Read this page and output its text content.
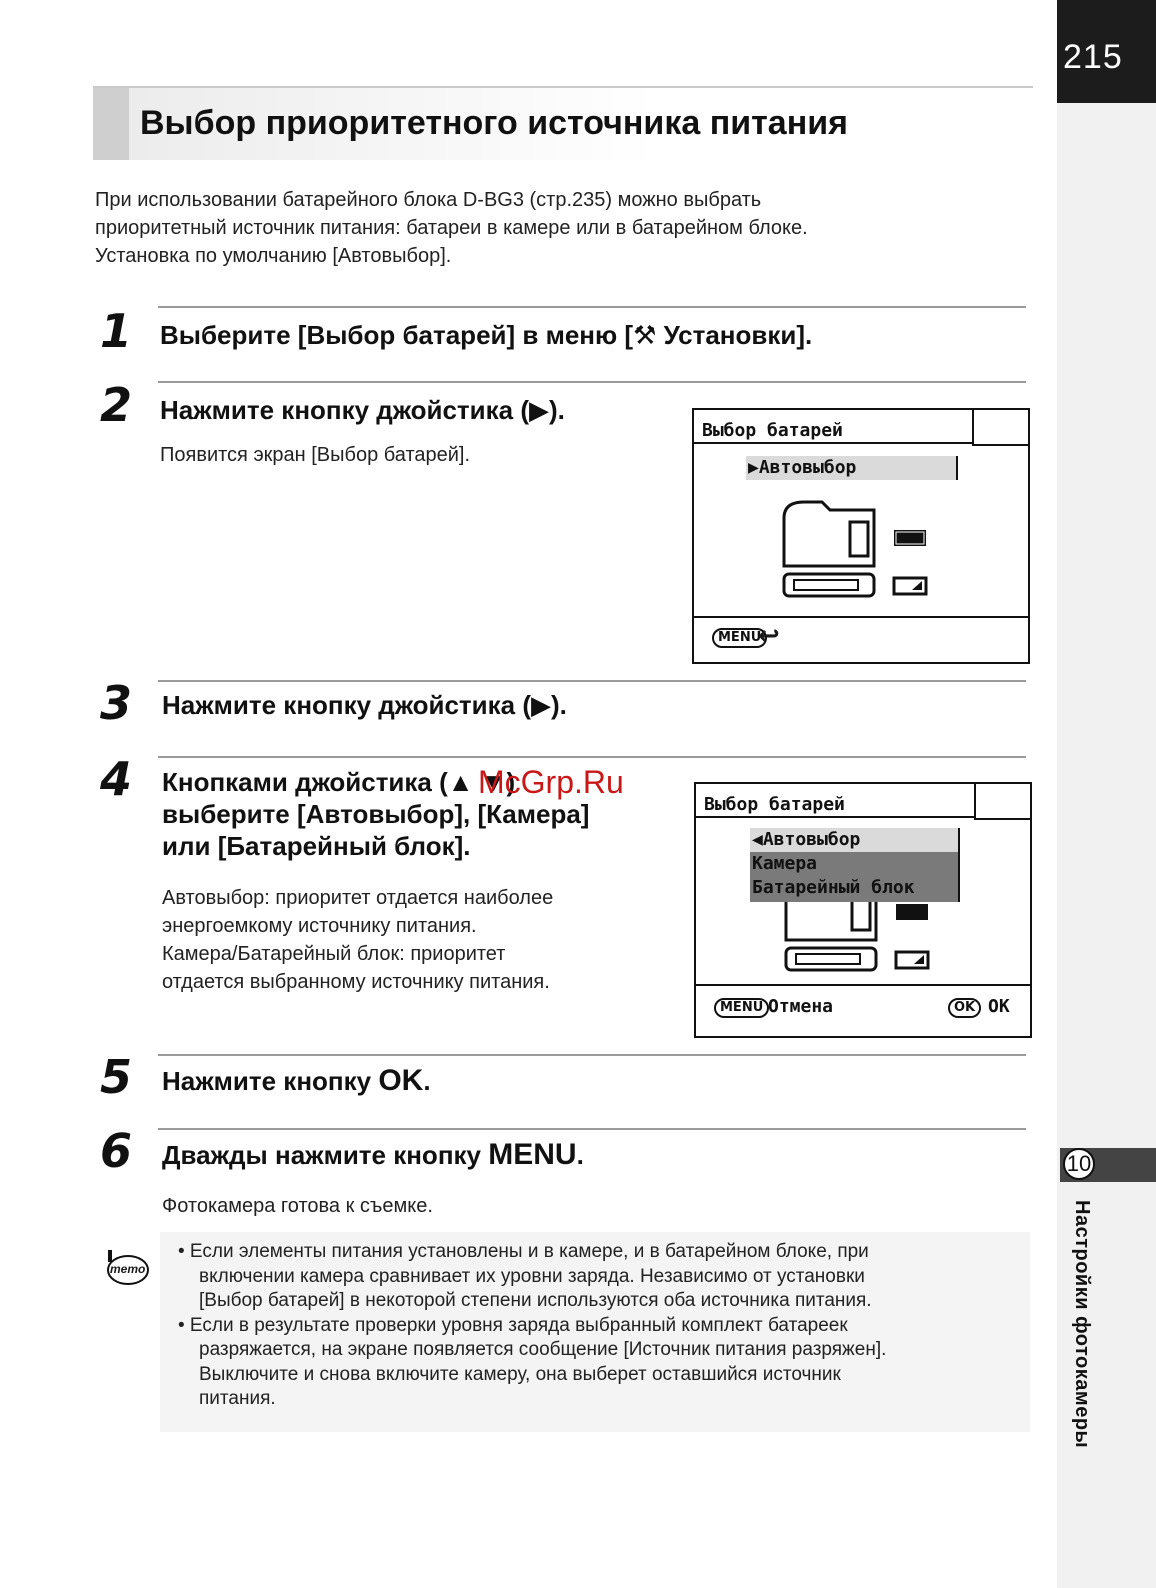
215
10
Настройки фотокамеры
Выбор приоритетного источника питания
При использовании батарейного блока D-BG3 (стр.235) можно выбрать
приоритетный источник питания: батареи в камере или в батарейном блоке.
Установка по умолчанию [Автовыбор].
1 Выберите [Выбор батарей] в меню [⚒ Установки].
2 Нажмите кнопку джойстика (▶).
Появится экран [Выбор батарей].
Выбор батарей
▶Автовыбор
MENU
↩
3 Нажмите кнопку джойстика (▶).
4 Кнопками джойстика (▲ ▼)
выберите [Автовыбор], [Камера]
или [Батарейный блок].
Автовыбор: приоритет отдается наиболее
энергоемкому источнику питания.
Камера/Батарейный блок: приоритет
отдается выбранному источнику питания.
Выбор батарей
◀Автовыбор
Камера
Батарейный блок
MENU Отмена	OK OK
McGrp.Ru
5 Нажмите кнопку OK.
6 Дважды нажмите кнопку MENU.
Фотокамера готова к съемке.
memo
• Если элементы питания установлены и в камере, и в батарейном блоке, при
включении камера сравнивает их уровни заряда. Независимо от установки
[Выбор батарей] в некоторой степени используются оба источника питания.
• Если в результате проверки уровня заряда выбранный комплект батареек
разряжается, на экране появляется сообщение [Источник питания разряжен].
Выключите и снова включите камеру, она выберет оставшийся источник
питания.
